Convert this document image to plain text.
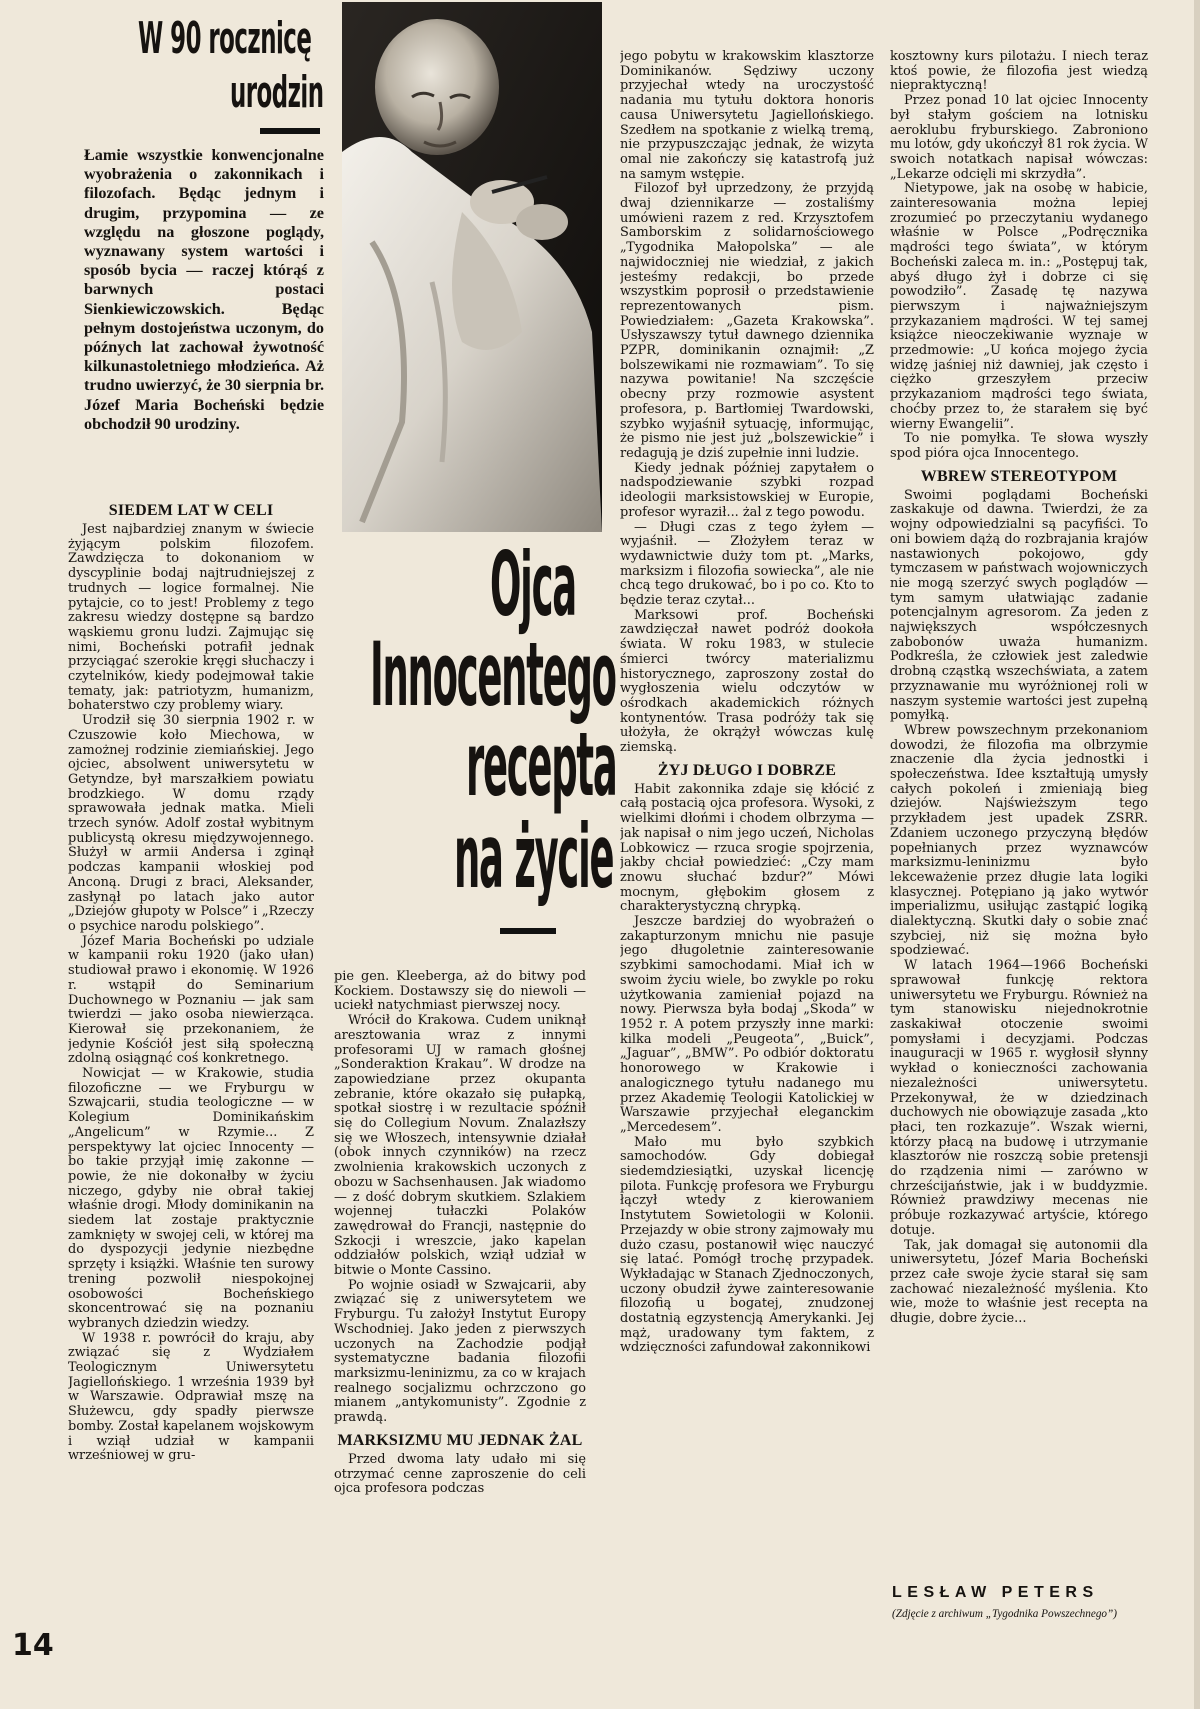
W 90 rocznicę
urodzin
Łamie wszystkie konwencjonalne wyobrażenia o zakonnikach i filozofach. Będąc jednym i drugim, przypomina — ze względu na głoszone poglądy, wyznawany system wartości i sposób bycia — raczej którąś z barwnych postaci Sienkiewiczowskich. Będąc pełnym dostojeństwa uczonym, do późnych lat zachował żywotność kilkunastoletniego młodzieńca. Aż trudno uwierzyć, że 30 sierpnia br. Józef Maria Bocheński będzie obchodził 90 urodziny.
Ojca
Innocentego
recepta
na życie
SIEDEM LAT W CELI

Jest najbardziej znanym w świecie żyjącym polskim filozofem. Zawdzięcza to dokonaniom w dyscyplinie bodaj najtrudniejszej z trudnych — logice formalnej. Nie pytajcie, co to jest! Problemy z tego zakresu wiedzy dostępne są bardzo wąskiemu gronu ludzi. Zajmując się nimi, Bocheński potrafił jednak przyciągać szerokie kręgi słuchaczy i czytelników, kiedy podejmował takie tematy, jak: patriotyzm, humanizm, bohaterstwo czy problemy wiary.

Urodził się 30 sierpnia 1902 r. w Czuszowie koło Miechowa, w zamożnej rodzinie ziemiańskiej. Jego ojciec, absolwent uniwersytetu w Getyndze, był marszałkiem powiatu brodzkiego. W domu rządy sprawowała jednak matka. Mieli trzech synów. Adolf został wybitnym publicystą okresu międzywojennego. Służył w armii Andersa i zginął podczas kampanii włoskiej pod Anconą. Drugi z braci, Aleksander, zasłynął po latach jako autor „Dziejów głupoty w Polsce” i „Rzeczy o psychice narodu polskiego”.

Józef Maria Bocheński po udziale w kampanii roku 1920 (jako ułan) studiował prawo i ekonomię. W 1926 r. wstąpił do Seminarium Duchownego w Poznaniu — jak sam twierdzi — jako osoba niewierząca. Kierował się przekonaniem, że jedynie Kościół jest siłą społeczną zdolną osiągnąć coś konkretnego.

Nowicjat — w Krakowie, studia filozoficzne — we Fryburgu w Szwajcarii, studia teologiczne — w Kolegium Dominikańskim „Angelicum” w Rzymie... Z perspektywy lat ojciec Innocenty — bo takie przyjął imię zakonne — powie, że nie dokonałby w życiu niczego, gdyby nie obrał takiej właśnie drogi. Młody dominikanin na siedem lat zostaje praktycznie zamknięty w swojej celi, w której ma do dyspozycji jedynie niezbędne sprzęty i książki. Właśnie ten surowy trening pozwolił niespokojnej osobowości Bocheńskiego skoncentrować się na poznaniu wybranych dziedzin wiedzy.

W 1938 r. powrócił do kraju, aby związać się z Wydziałem Teologicznym Uniwersytetu Jagiellońskiego. 1 września 1939 był w Warszawie. Odprawiał mszę na Służewcu, gdy spadły pierwsze bomby. Został kapelanem wojskowym i wziął udział w kampanii wrześniowej w gru-

pie gen. Kleeberga, aż do bitwy pod Kockiem. Dostawszy się do niewoli — uciekł natychmiast pierwszej nocy.

Wrócił do Krakowa. Cudem uniknął aresztowania wraz z innymi profesorami UJ w ramach głośnej „Sonderaktion Krakau”. W drodze na zapowiedziane przez okupanta zebranie, które okazało się pułapką, spotkał siostrę i w rezultacie spóźnił się do Collegium Novum. Znalazłszy się we Włoszech, intensywnie działał (obok innych czynników) na rzecz zwolnienia krakowskich uczonych z obozu w Sachsenhausen. Jak wiadomo — z dość dobrym skutkiem. Szlakiem wojennej tułaczki Polaków zawędrował do Francji, następnie do Szkocji i wreszcie, jako kapelan oddziałów polskich, wziął udział w bitwie o Monte Cassino.

Po wojnie osiadł w Szwajcarii, aby związać się z uniwersytetem we Fryburgu. Tu założył Instytut Europy Wschodniej. Jako jeden z pierwszych uczonych na Zachodzie podjął systematyczne badania filozofii marksizmu-leninizmu, za co w krajach realnego socjalizmu ochrzczono go mianem „antykomunisty”. Zgodnie z prawdą.

MARKSIZMU MU JEDNAK ŻAL

Przed dwoma laty udało mi się otrzymać cenne zaproszenie do celi ojca profesora podczas

jego pobytu w krakowskim klasztorze Dominikanów. Sędziwy uczony przyjechał wtedy na uroczystość nadania mu tytułu doktora honoris causa Uniwersytetu Jagiellońskiego. Szedłem na spotkanie z wielką tremą, nie przypuszczając jednak, że wizyta omal nie zakończy się katastrofą już na samym wstępie.

Filozof był uprzedzony, że przyjdą dwaj dziennikarze — zostaliśmy umówieni razem z red. Krzysztofem Samborskim z solidarnościowego „Tygodnika Małopolska” — ale najwidoczniej nie wiedział, z jakich jesteśmy redakcji, bo przede wszystkim poprosił o przedstawienie reprezentowanych pism. Powiedziałem: „Gazeta Krakowska”. Usłyszawszy tytuł dawnego dziennika PZPR, dominikanin oznajmił: „Z bolszewikami nie rozmawiam”. To się nazywa powitanie! Na szczęście obecny przy rozmowie asystent profesora, p. Bartłomiej Twardowski, szybko wyjaśnił sytuację, informując, że pismo nie jest już „bolszewickie” i redagują je dziś zupełnie inni ludzie.

Kiedy jednak później zapytałem o nadspodziewanie szybki rozpad ideologii marksistowskiej w Europie, profesor wyraził... żal z tego powodu.

— Długi czas z tego żyłem — wyjaśnił. — Złożyłem teraz w wydawnictwie duży tom pt. „Marks, marksizm i filozofia sowiecka”, ale nie chcą tego drukować, bo i po co. Kto to będzie teraz czytał...

Marksowi prof. Bocheński zawdzięczał nawet podróż dookoła świata. W roku 1983, w stulecie śmierci twórcy materializmu historycznego, zaproszony został do wygłoszenia wielu odczytów w ośrodkach akademickich różnych kontynentów. Trasa podróży tak się ułożyła, że okrążył wówczas kulę ziemską.

ŻYJ DŁUGO I DOBRZE

Habit zakonnika zdaje się kłócić z całą postacią ojca profesora. Wysoki, z wielkimi dłońmi i chodem olbrzyma — jak napisał o nim jego uczeń, Nicholas Lobkowicz — rzuca srogie spojrzenia, jakby chciał powiedzieć: „Czy mam znowu słuchać bzdur?” Mówi mocnym, głębokim głosem z charakterystyczną chrypką.

Jeszcze bardziej do wyobrażeń o zakapturzonym mnichu nie pasuje jego długoletnie zainteresowanie szybkimi samochodami. Miał ich w swoim życiu wiele, bo zwykle po roku użytkowania zamieniał pojazd na nowy. Pierwsza była bodaj „Skoda” w 1952 r. A potem przyszły inne marki: kilka modeli „Peugeota”, „Buick”, „Jaguar”, „BMW”. Po odbiór doktoratu honorowego w Krakowie i analogicznego tytułu nadanego mu przez Akademię Teologii Katolickiej w Warszawie przyjechał eleganckim „Mercedesem”.

Mało mu było szybkich samochodów. Gdy dobiegał siedemdziesiątki, uzyskał licencję pilota. Funkcję profesora we Fryburgu łączył wtedy z kierowaniem Instytutem Sowietologii w Kolonii. Przejazdy w obie strony zajmowały mu dużo czasu, postanowił więc nauczyć się latać. Pomógł trochę przypadek. Wykładając w Stanach Zjednoczonych, uczony obudził żywe zainteresowanie filozofią u bogatej, znudzonej dostatnią egzystencją Amerykanki. Jej mąż, uradowany tym faktem, z wdzięczności zafundował zakonnikowi

kosztowny kurs pilotażu. I niech teraz ktoś powie, że filozofia jest wiedzą niepraktyczną!

Przez ponad 10 lat ojciec Innocenty był stałym gościem na lotnisku aeroklubu fryburskiego. Zabroniono mu lotów, gdy ukończył 81 rok życia. W swoich notatkach napisał wówczas: „Lekarze odcięli mi skrzydła”.

Nietypowe, jak na osobę w habicie, zainteresowania można lepiej zrozumieć po przeczytaniu wydanego właśnie w Polsce „Podręcznika mądrości tego świata”, w którym Bocheński zaleca m. in.: „Postępuj tak, abyś długo żył i dobrze ci się powodziło”. Zasadę tę nazywa pierwszym i najważniejszym przykazaniem mądrości. W tej samej książce nieoczekiwanie wyznaje w przedmowie: „U końca mojego życia widzę jaśniej niż dawniej, jak często i ciężko grzeszyłem przeciw przykazaniom mądrości tego świata, choćby przez to, że starałem się być wierny Ewangelii”.

To nie pomyłka. Te słowa wyszły spod pióra ojca Innocentego.

WBREW STEREOTYPOM

Swoimi poglądami Bocheński zaskakuje od dawna. Twierdzi, że za wojny odpowiedzialni są pacyfiści. To oni bowiem dążą do rozbrajania krajów nastawionych pokojowo, gdy tymczasem w państwach wojowniczych nie mogą szerzyć swych poglądów — tym samym ułatwiając zadanie potencjalnym agresorom. Za jeden z największych współczesnych zabobonów uważa humanizm. Podkreśla, że człowiek jest zaledwie drobną cząstką wszechświata, a zatem przyznawanie mu wyróżnionej roli w naszym systemie wartości jest zupełną pomyłką.

Wbrew powszechnym przekonaniom dowodzi, że filozofia ma olbrzymie znaczenie dla życia jednostki i społeczeństwa. Idee kształtują umysły całych pokoleń i zmieniają bieg dziejów. Najświeższym tego przykładem jest upadek ZSRR. Zdaniem uczonego przyczyną błędów popełnianych przez wyznawców marksizmu-leninizmu było lekceważenie przez długie lata logiki klasycznej. Potępiano ją jako wytwór imperializmu, usiłując zastąpić logiką dialektyczną. Skutki dały o sobie znać szybciej, niż się można było spodziewać.

W latach 1964—1966 Bocheński sprawował funkcję rektora uniwersytetu we Fryburgu. Również na tym stanowisku niejednokrotnie zaskakiwał otoczenie swoimi pomysłami i decyzjami. Podczas inauguracji w 1965 r. wygłosił słynny wykład o konieczności zachowania niezależności uniwersytetu. Przekonywał, że w dziedzinach duchowych nie obowiązuje zasada „kto płaci, ten rozkazuje”. Wszak wierni, którzy płacą na budowę i utrzymanie klasztorów nie roszczą sobie pretensji do rządzenia nimi — zarówno w chrześcijaństwie, jak i w buddyzmie. Również prawdziwy mecenas nie próbuje rozkazywać artyście, którego dotuje.

Tak, jak domagał się autonomii dla uniwersytetu, Józef Maria Bocheński przez całe swoje życie starał się sam zachować niezależność myślenia. Kto wie, może to właśnie jest recepta na długie, dobre życie...

LESŁAW PETERS
(Zdjęcie z archiwum „Tygodnika Powszechnego”)
14
